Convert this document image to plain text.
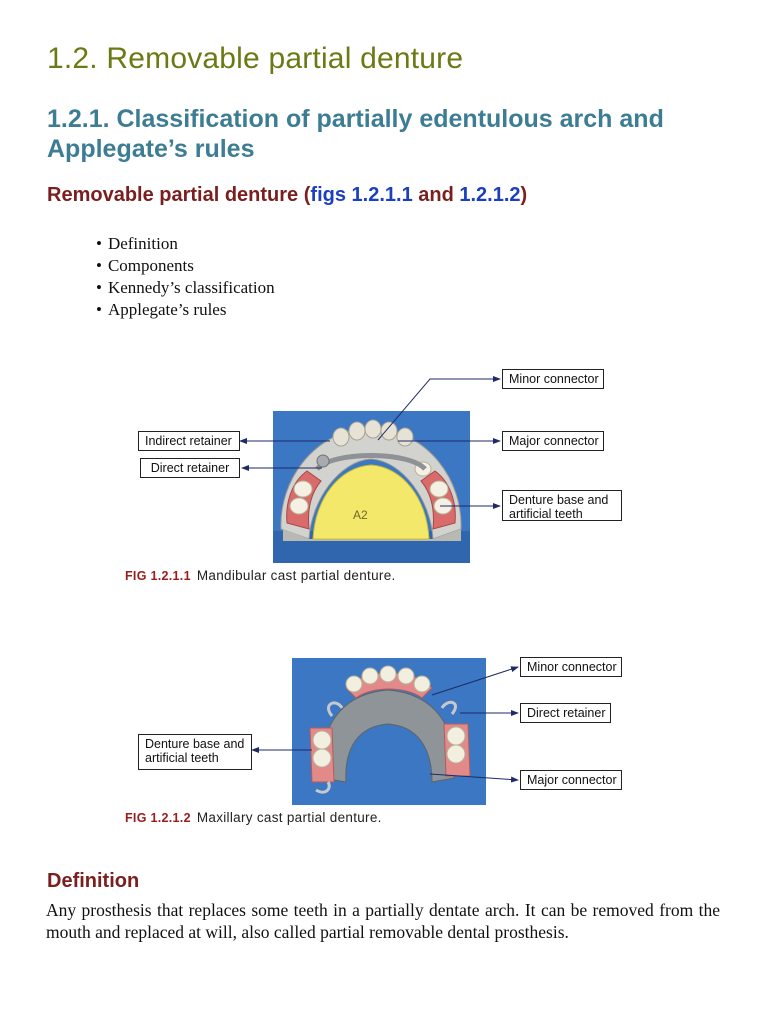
1.2. Removable partial denture
1.2.1. Classification of partially edentulous arch and Applegate’s rules
Removable partial denture (figs 1.2.1.1 and 1.2.1.2)
• Definition
• Components
• Kennedy’s classification
• Applegate’s rules
A2
Minor connector
Indirect retainer	Major connector
Direct retainer
Denture base and
artificial teeth
FIG 1.2.1.1 Mandibular cast partial denture.
Minor connector
Direct retainer
Denture base and
artificial teeth
Major connector
FIG 1.2.1.2 Maxillary cast partial denture.
Definition

Any prosthesis that replaces some teeth in a partially dentate arch. It can be removed from the mouth and replaced at will, also called partial removable dental prosthesis.
